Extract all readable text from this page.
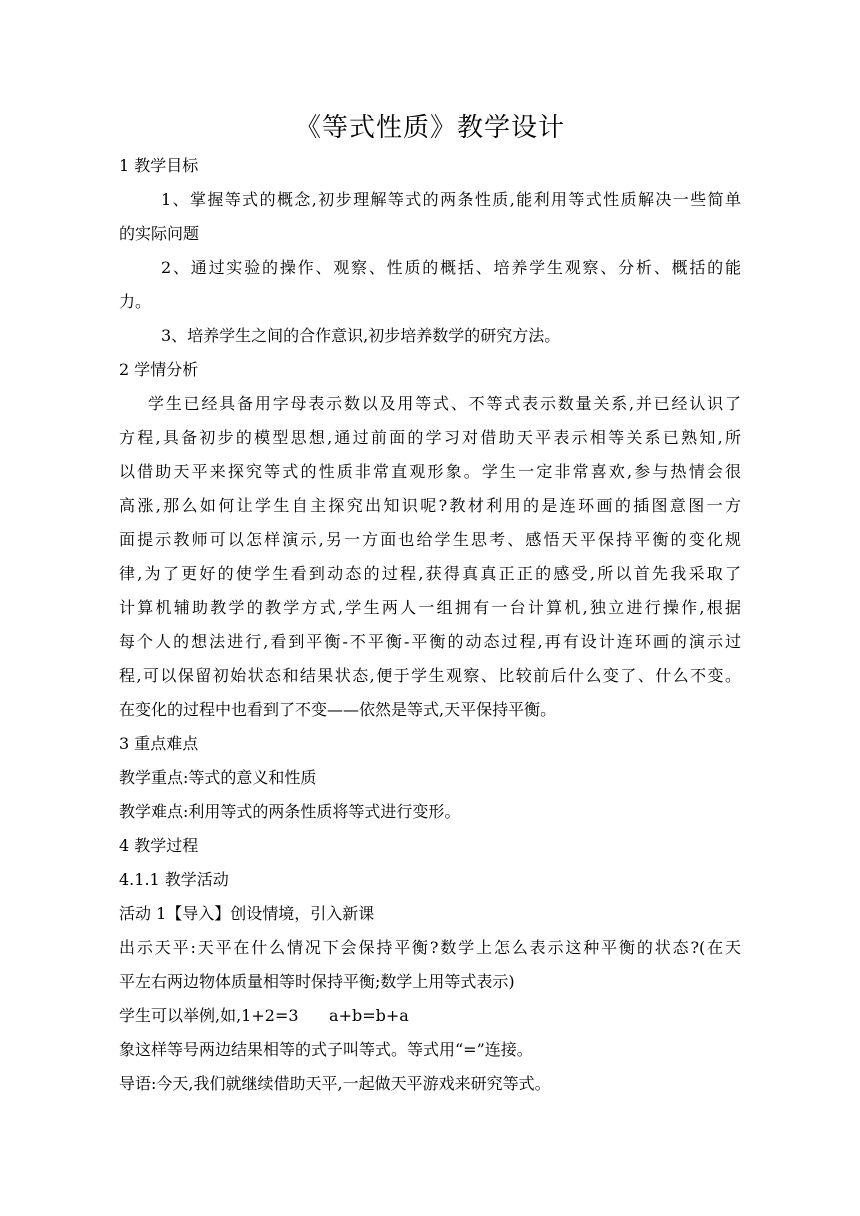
《等式性质》教学设计
1 教学目标
1、掌握等式的概念,初步理解等式的两条性质,能利用等式性质解决一些简单
的实际问题
2、通过实验的操作、观察、性质的概括、培养学生观察、分析、概括的能
力。
3、培养学生之间的合作意识,初步培养数学的研究方法。
2 学情分析
学生已经具备用字母表示数以及用等式、不等式表示数量关系,并已经认识了
方程,具备初步的模型思想,通过前面的学习对借助天平表示相等关系已熟知,所
以借助天平来探究等式的性质非常直观形象。学生一定非常喜欢,参与热情会很
高涨,那么如何让学生自主探究出知识呢?教材利用的是连环画的插图意图一方
面提示教师可以怎样演示,另一方面也给学生思考、感悟天平保持平衡的变化规
律,为了更好的使学生看到动态的过程,获得真真正正的感受,所以首先我采取了
计算机辅助教学的教学方式,学生两人一组拥有一台计算机,独立进行操作,根据
每个人的想法进行,看到平衡-不平衡-平衡的动态过程,再有设计连环画的演示过
程,可以保留初始状态和结果状态,便于学生观察、比较前后什么变了、什么不变。
在变化的过程中也看到了不变——依然是等式,天平保持平衡。
3 重点难点
教学重点:等式的意义和性质
教学难点:利用等式的两条性质将等式进行变形。
4 教学过程
4.1.1 教学活动
活动 1【导入】创设情境，引入新课
出示天平:天平在什么情况下会保持平衡?数学上怎么表示这种平衡的状态?(在天
平左右两边物体质量相等时保持平衡;数学上用等式表示)
学生可以举例,如,1+2=3      a+b=b+a
象这样等号两边结果相等的式子叫等式。等式用“=”连接。
导语:今天,我们就继续借助天平,一起做天平游戏来研究等式。
